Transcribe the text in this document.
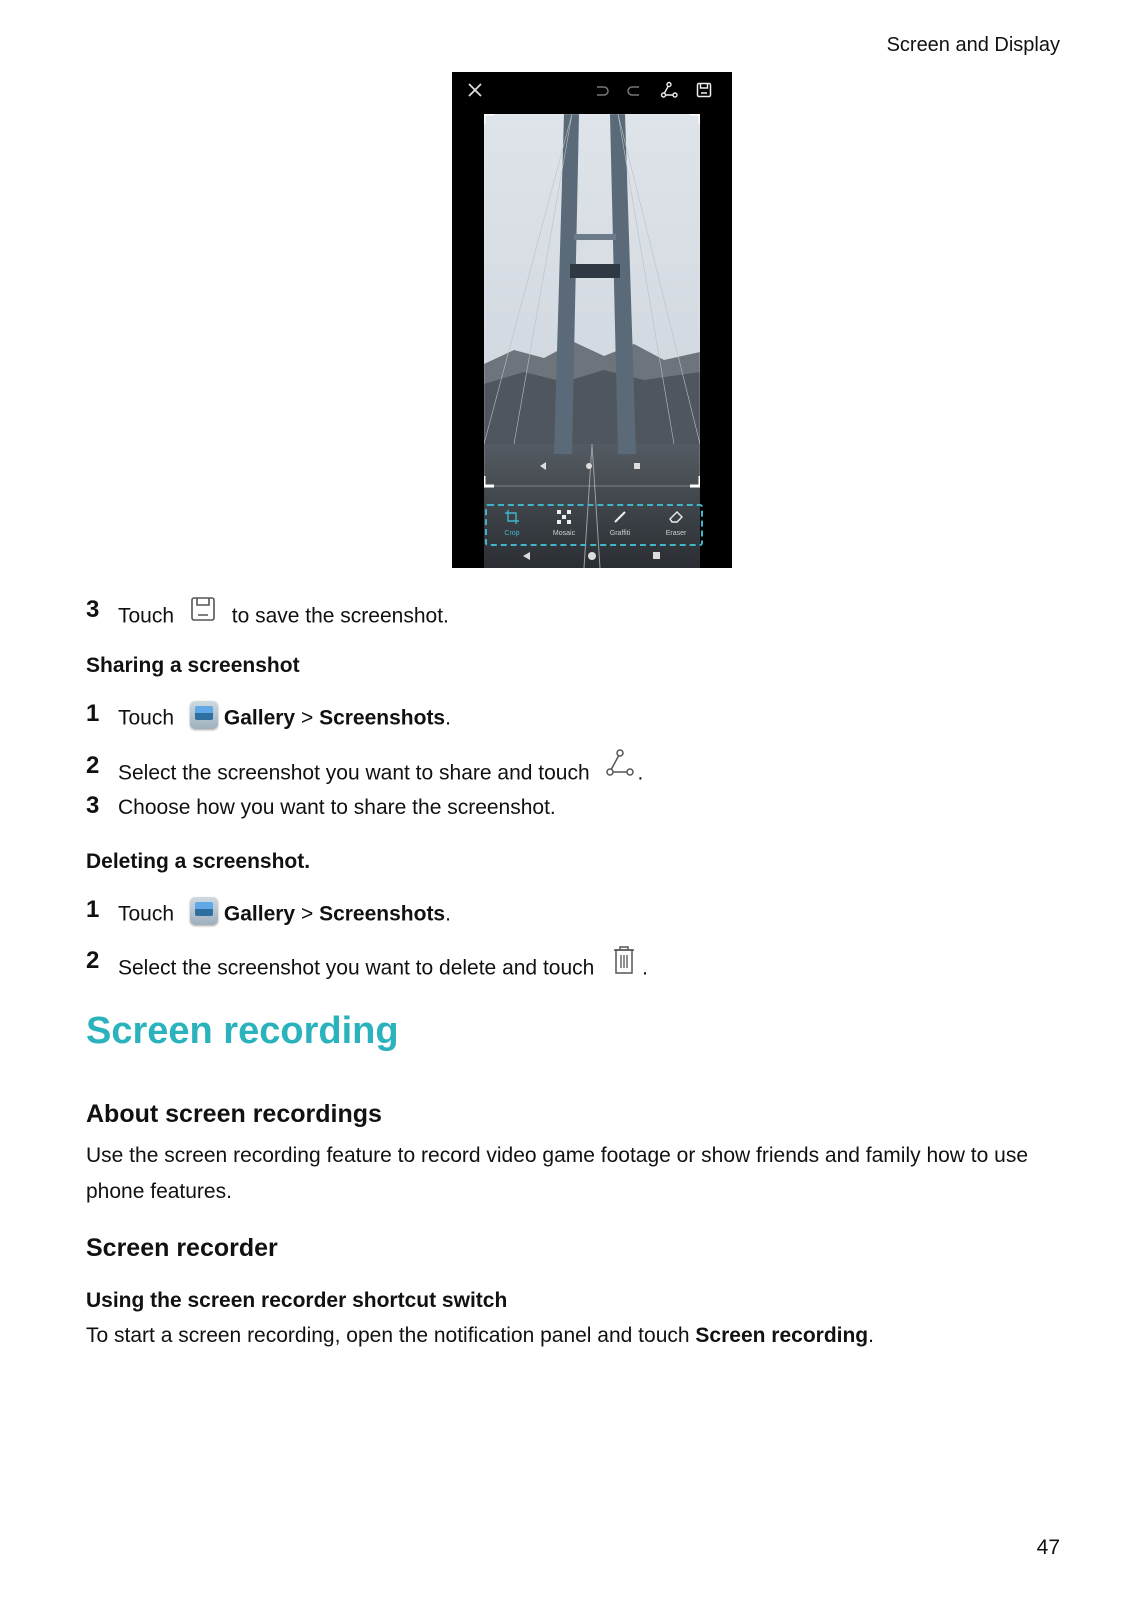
Screen and Display
Crop	Mosaic	Graffiti	Eraser
3 Touch	to save the screenshot.
Sharing a screenshot
1 Touch Gallery > Screenshots.
2 Select the screenshot you want to share and touch .
3 Choose how you want to share the screenshot.
Deleting a screenshot.
1 Touch Gallery > Screenshots.
2 Select the screenshot you want to delete and touch .
Screen recording
About screen recordings
Use the screen recording feature to record video game footage or show friends and family how to use phone features.
Screen recorder
Using the screen recorder shortcut switch
To start a screen recording, open the notification panel and touch Screen recording.
47
